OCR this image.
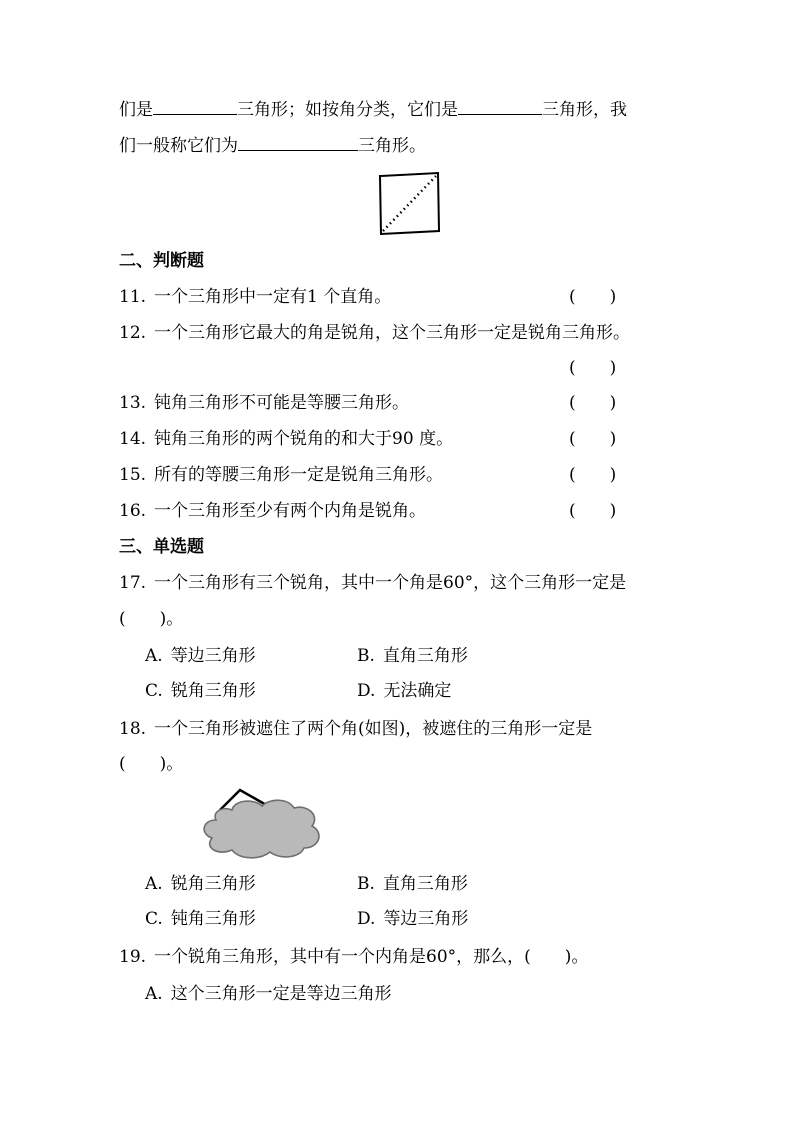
们是	三角形；如按角分类，它们是	三角形，我
们一般称它们为	三角形。
二、判断题
11. 一个三角形中一定有1 个直角。	(　　)
12. 一个三角形它最大的角是锐角，这个三角形一定是锐角三角形。
(　　)
13. 钝角三角形不可能是等腰三角形。	(　　)
14. 钝角三角形的两个锐角的和大于90 度。	(　　)
15. 所有的等腰三角形一定是锐角三角形。	(　　)
16. 一个三角形至少有两个内角是锐角。	(　　)
三、单选题
17. 一个三角形有三个锐角，其中一个角是60°，这个三角形一定是
(　　)。
A. 等边三角形	B. 直角三角形
C. 锐角三角形	D. 无法确定
18. 一个三角形被遮住了两个角(如图)，被遮住的三角形一定是
(　　)。
A. 锐角三角形	B. 直角三角形
C. 钝角三角形	D. 等边三角形
19. 一个锐角三角形，其中有一个内角是60°，那么，(　　)。
A. 这个三角形一定是等边三角形
